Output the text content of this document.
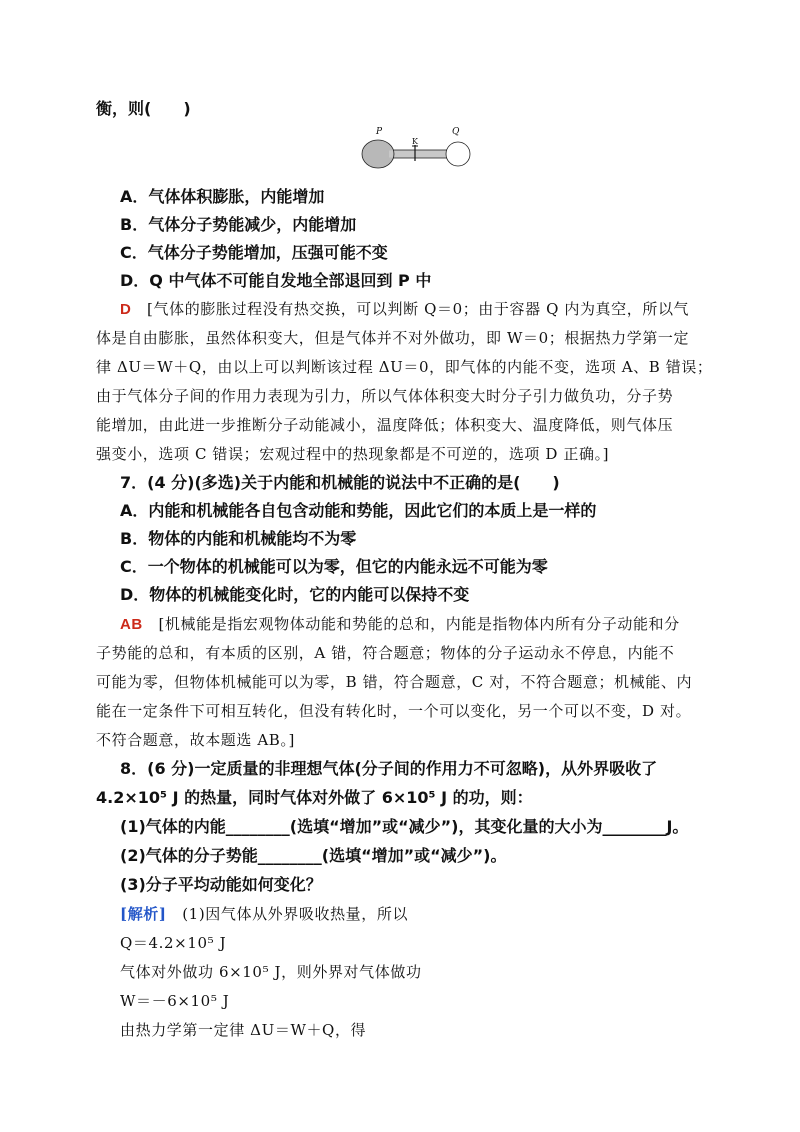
衡，则(　　)
P
K
Q
A．气体体积膨胀，内能增加
B．气体分子势能减少，内能增加
C．气体分子势能增加，压强可能不变
D．Q 中气体不可能自发地全部退回到 P 中
D　 [气体的膨胀过程没有热交换，可以判断 Q＝0；由于容器 Q 内为真空，所以气
体是自由膨胀，虽然体积变大，但是气体并不对外做功，即 W＝0；根据热力学第一定
律 ΔU＝W＋Q，由以上可以判断该过程 ΔU＝0，即气体的内能不变，选项 A、B 错误；
由于气体分子间的作用力表现为引力，所以气体体积变大时分子引力做负功，分子势
能增加，由此进一步推断分子动能减小，温度降低；体积变大、温度降低，则气体压
强变小，选项 C 错误；宏观过程中的热现象都是不可逆的，选项 D 正确。]
7．(4 分)(多选)关于内能和机械能的说法中不正确的是(　　)
A．内能和机械能各自包含动能和势能，因此它们的本质上是一样的
B．物体的内能和机械能均不为零
C．一个物体的机械能可以为零，但它的内能永远不可能为零
D．物体的机械能变化时，它的内能可以保持不变
AB　 [机械能是指宏观物体动能和势能的总和，内能是指物体内所有分子动能和分
子势能的总和，有本质的区别，A 错，符合题意；物体的分子运动永不停息，内能不
可能为零，但物体机械能可以为零，B 错，符合题意，C 对，不符合题意；机械能、内
能在一定条件下可相互转化，但没有转化时，一个可以变化，另一个可以不变，D 对。
不符合题意，故本题选 AB。]
8．(6 分)一定质量的非理想气体(分子间的作用力不可忽略)，从外界吸收了
4.2×10⁵ J 的热量，同时气体对外做了 6×10⁵ J 的功，则：
(1)气体的内能________(选填“增加”或“减少”)，其变化量的大小为________J。
(2)气体的分子势能________(选填“增加”或“减少”)。
(3)分子平均动能如何变化？
[解析]　 (1)因气体从外界吸收热量，所以
Q＝4.2×10⁵ J
气体对外做功 6×10⁵ J，则外界对气体做功
W＝－6×10⁵ J
由热力学第一定律 ΔU＝W＋Q，得
